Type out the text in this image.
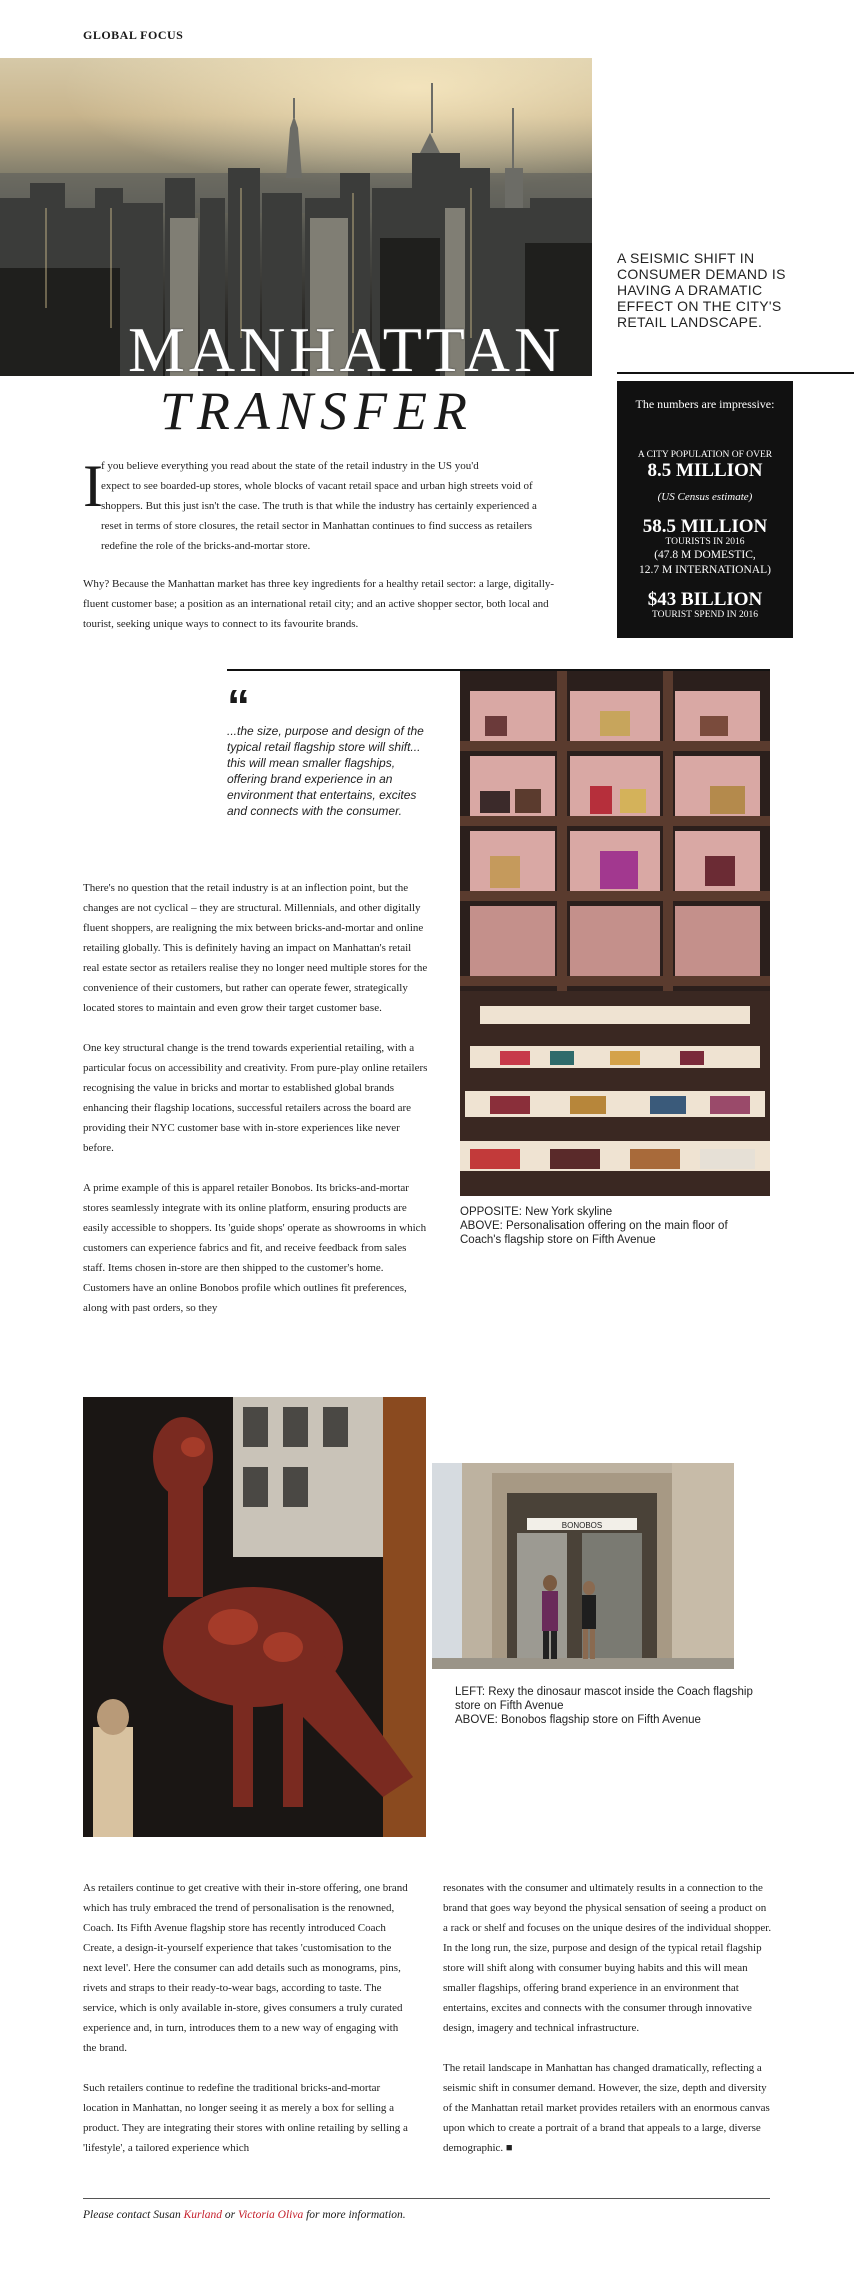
GLOBAL FOCUS
MANHATTAN
TRANSFER
A SEISMIC SHIFT IN CONSUMER DEMAND IS HAVING A DRAMATIC EFFECT ON THE CITY'S RETAIL LANDSCAPE.
The numbers are impressive:
A CITY POPULATION OF OVER
8.5 MILLION
(US Census estimate)
58.5 MILLION
TOURISTS IN 2016
(47.8 M DOMESTIC,
12.7 M INTERNATIONAL)
$43 BILLION
TOURIST SPEND IN 2016
I
f you believe everything you read about the state of the retail industry in the US you'd
expect to see boarded-up stores, whole blocks of vacant retail space and urban high streets void of shoppers. But this just isn't the case. The truth is that while the industry has certainly experienced a reset in terms of store closures, the retail sector in Manhattan continues to find success as retailers redefine the role of the bricks-and-mortar store.
Why? Because the Manhattan market has three key ingredients for a healthy retail sector: a large, digitally-fluent customer base; a position as an international retail city; and an active shopper sector, both local and tourist, seeking unique ways to connect to its favourite brands.
“
...the size, purpose and design of the typical retail flagship store will shift... this will mean smaller flagships, offering brand experience in an environment that entertains, excites and connects with the consumer.

There's no question that the retail industry is at an inflection point, but the changes are not cyclical – they are structural. Millennials, and other digitally fluent shoppers, are realigning the mix between bricks-and-mortar and online retailing globally. This is definitely having an impact on Manhattan's retail real estate sector as retailers realise they no longer need multiple stores for the convenience of their customers, but rather can operate fewer, strategically located stores to maintain and even grow their target customer base.

One key structural change is the trend towards experiential retailing, with a particular focus on accessibility and creativity. From pure-play online retailers recognising the value in bricks and mortar to established global brands enhancing their flagship locations, successful retailers across the board are providing their NYC customer base with in-store experiences like never before.

A prime example of this is apparel retailer Bonobos. Its bricks-and-mortar stores seamlessly integrate with its online platform, ensuring products are easily accessible to shoppers. Its 'guide shops' operate as showrooms in which customers can experience fabrics and fit, and receive feedback from sales staff. Items chosen in-store are then shipped to the customer's home. Customers have an online Bonobos profile which outlines fit preferences, along with past orders, so they

OPPOSITE: New York skyline
ABOVE: Personalisation offering on the main floor of Coach's flagship store on Fifth Avenue
BONOBOS
LEFT: Rexy the dinosaur mascot inside the Coach flagship store on Fifth Avenue
ABOVE: Bonobos flagship store on Fifth Avenue

As retailers continue to get creative with their in-store offering, one brand which has truly embraced the trend of personalisation is the renowned, Coach. Its Fifth Avenue flagship store has recently introduced Coach Create, a design-it-yourself experience that takes 'customisation to the next level'. Here the consumer can add details such as monograms, pins, rivets and straps to their ready-to-wear bags, according to taste. The service, which is only available in-store, gives consumers a truly curated experience and, in turn, introduces them to a new way of engaging with the brand.

Such retailers continue to redefine the traditional bricks-and-mortar location in Manhattan, no longer seeing it as merely a box for selling a product. They are integrating their stores with online retailing by selling a 'lifestyle', a tailored experience which

resonates with the consumer and ultimately results in a connection to the brand that goes way beyond the physical sensation of seeing a product on a rack or shelf and focuses on the unique desires of the individual shopper. In the long run, the size, purpose and design of the typical retail flagship store will shift along with consumer buying habits and this will mean smaller flagships, offering brand experience in an environment that entertains, excites and connects with the consumer through innovative design, imagery and technical infrastructure.

The retail landscape in Manhattan has changed dramatically, reflecting a seismic shift in consumer demand. However, the size, depth and diversity of the Manhattan retail market provides retailers with an enormous canvas upon which to create a portrait of a brand that appeals to a large, diverse demographic. ■

Please contact Susan Kurland or Victoria Oliva for more information.
